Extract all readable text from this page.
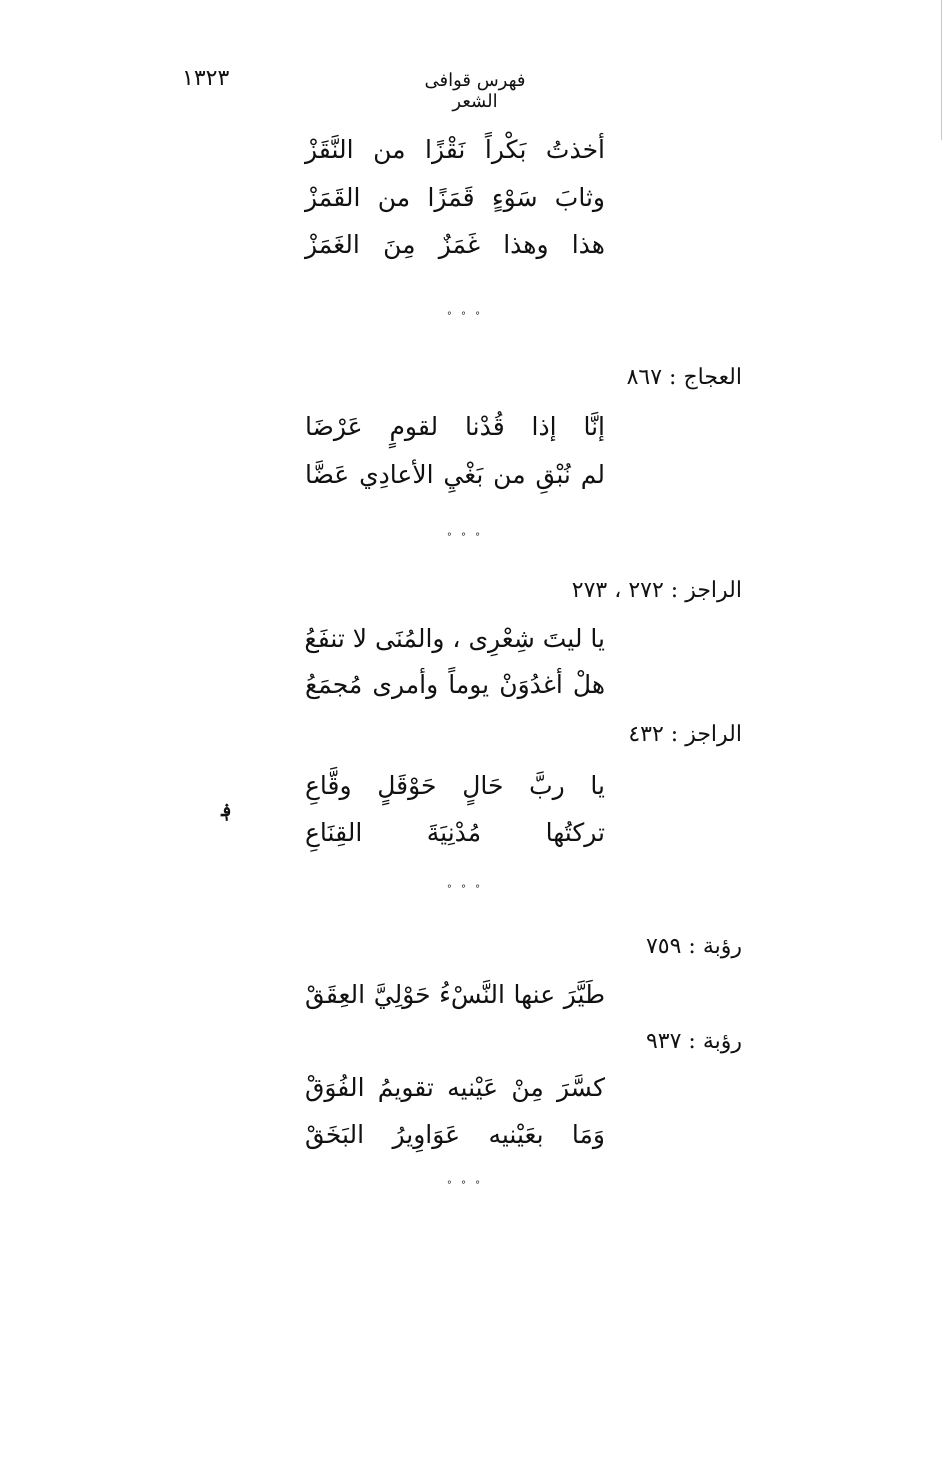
١٣٢٣	فهرس قوافى الشعر
أخذتُ بَكْراً نَقْزًا من النَّقَزْ
وثابَ سَوْءٍ قَمَزًا من القَمَزْ
هذا وهذا غَمَزٌ مِنَ الغَمَزْ
° ° °
العجاج : ٨٦٧
إنَّا إذا قُدْنا لقومٍ عَرْضَا
لم نُبْقِ من بَغْيِ الأعادِي عَضَّا
° ° °
الراجز : ٢٧٢ ، ٢٧٣
يا ليتَ شِعْرِى ، والمُنَى لا تنفَعُ
هلْ أغدُوَنْ يوماً وأمرى مُجمَعُ
الراجز : ٤٣٢
يا ربَّ حَالٍ حَوْقَلٍ وقَّاعِ
تركتُها مُدْنِيَةَ القِنَاعِ
؋
° ° °
رؤبة : ٧٥٩
طَيَّرَ عنها النَّسْءُ حَوْلِيَّ العِقَقْ
رؤبة : ٩٣٧
كسَّرَ مِنْ عَيْنيه تقويمُ الفُوَقْ
وَمَا بعَيْنيه عَوَاوِيرُ البَخَقْ
° ° °
